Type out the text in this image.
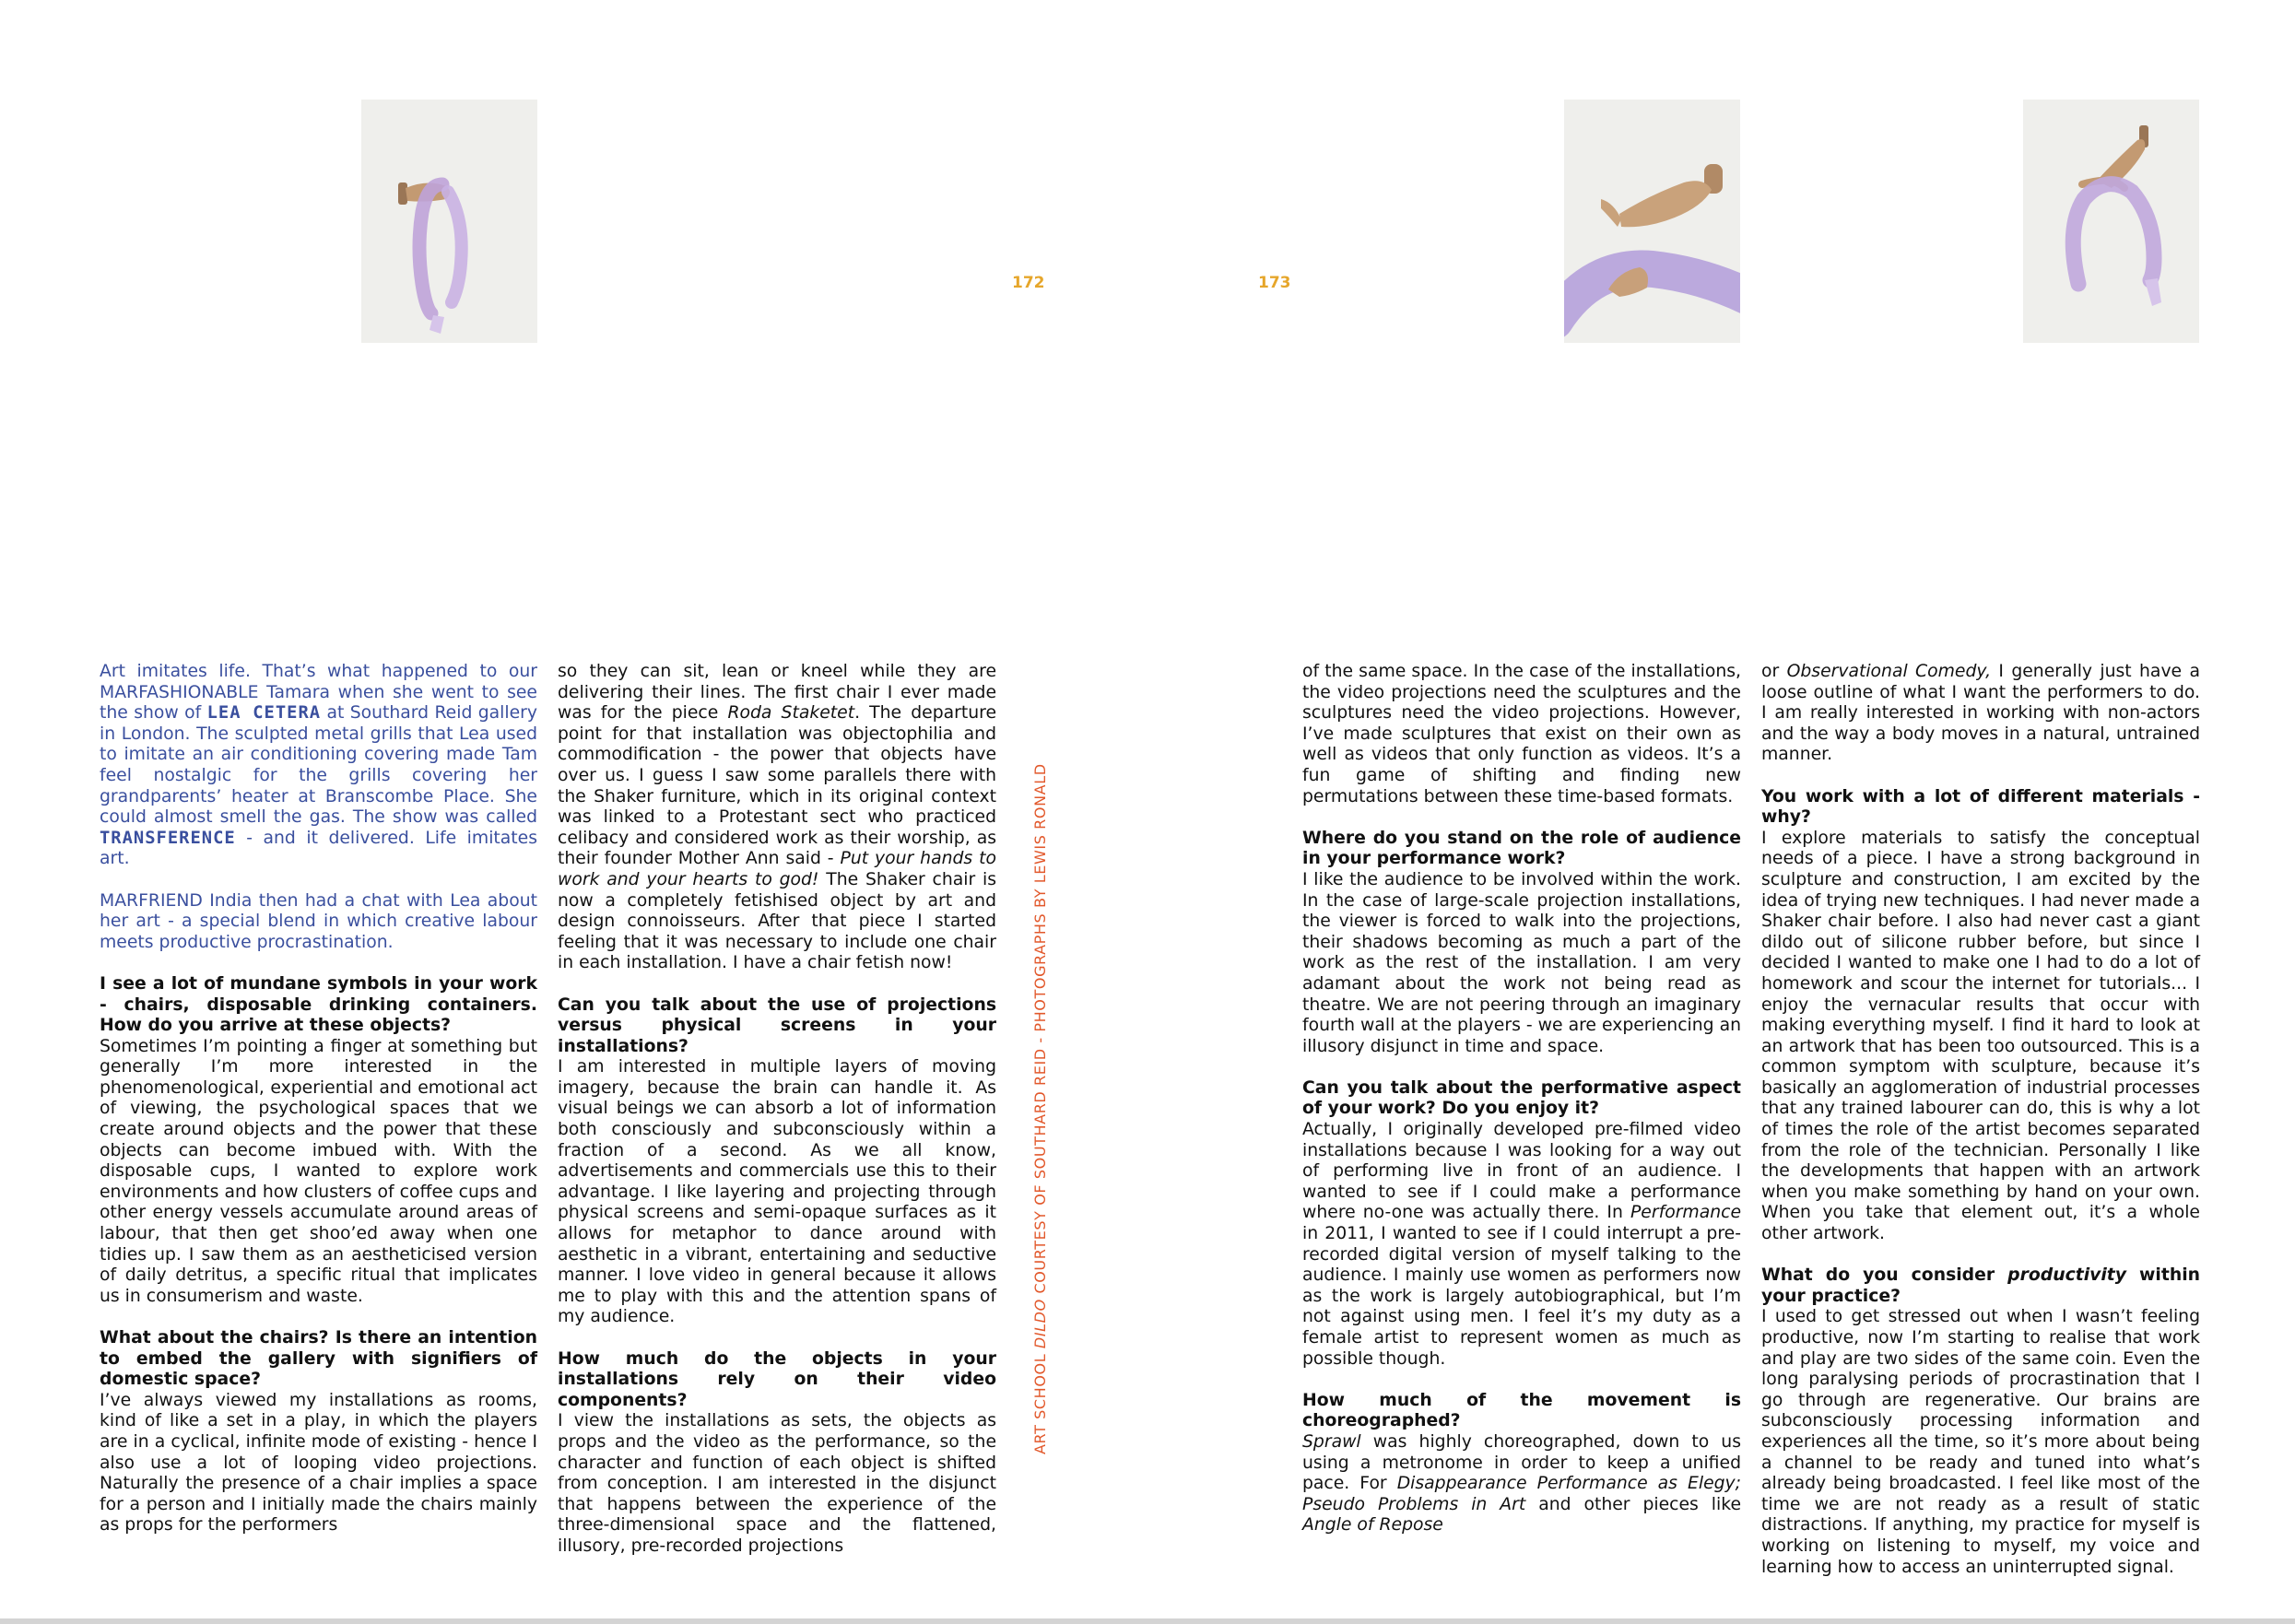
172	173

Art imitates life. That’s what happened to our MARFASHIONABLE Tamara when she went to see the show of LEA CETERA at Southard Reid gallery in London. The sculpted metal grills that Lea used to imitate an air conditioning covering made Tam feel nostalgic for the grills covering her grandparents’ heater at Branscombe Place. She could almost smell the gas. The show was called TRANSFERENCE - and it delivered. Life imitates art.

MARFRIEND India then had a chat with Lea about her art - a special blend in which creative labour meets productive procrastination.

I see a lot of mundane symbols in your work - chairs, disposable drinking containers. How do you arrive at these objects?
Sometimes I’m pointing a finger at something but generally I’m more interested in the phenomenological, experiential and emotional act of viewing, the psychological spaces that we create around objects and the power that these objects can become imbued with. With the disposable cups, I wanted to explore work environments and how clusters of coffee cups and other energy vessels accumulate around areas of labour, that then get shoo’ed away when one tidies up. I saw them as an aestheticised version of daily detritus, a specific ritual that implicates us in consumerism and waste.

What about the chairs? Is there an intention to embed the gallery with signifiers of domestic space?
I’ve always viewed my installations as rooms, kind of like a set in a play, in which the players are in a cyclical, infinite mode of existing - hence I also use a lot of looping video projections. Naturally the presence of a chair implies a space for a person and I initially made the chairs mainly as props for the performers

so they can sit, lean or kneel while they are delivering their lines. The first chair I ever made was for the piece Roda Staketet. The departure point for that installation was objectophilia and commodification - the power that objects have over us. I guess I saw some parallels there with the Shaker furniture, which in its original context was linked to a Protestant sect who practiced celibacy and considered work as their worship, as their founder Mother Ann said - Put your hands to work and your hearts to god! The Shaker chair is now a completely fetishised object by art and design connoisseurs. After that piece I started feeling that it was necessary to include one chair in each installation. I have a chair fetish now!

Can you talk about the use of projections versus physical screens in your installations?
I am interested in multiple layers of moving imagery, because the brain can handle it. As visual beings we can absorb a lot of information both consciously and subconsciously within a fraction of a second. As we all know, advertisements and commercials use this to their advantage. I like layering and projecting through physical screens and semi-opaque surfaces as it allows for metaphor to dance around with aesthetic in a vibrant, entertaining and seductive manner. I love video in general because it allows me to play with this and the attention spans of my audience.

How much do the objects in your installations rely on their video components?
I view the installations as sets, the objects as props and the video as the performance, so the character and function of each object is shifted from conception. I am interested in the disjunct that happens between the experience of the three-dimensional space and the flattened, illusory, pre-recorded projections

ART SCHOOL DILDO COURTESY OF SOUTHARD REID - PHOTOGRAPHS BY LEWIS RONALD

of the same space. In the case of the installations, the video projections need the sculptures and the sculptures need the video projections. However, I’ve made sculptures that exist on their own as well as videos that only function as videos. It’s a fun game of shifting and finding new permutations between these time-based formats.

Where do you stand on the role of audience in your performance work?
I like the audience to be involved within the work. In the case of large-scale projection installations, the viewer is forced to walk into the projections, their shadows becoming as much a part of the work as the rest of the installation. I am very adamant about the work not being read as theatre. We are not peering through an imaginary fourth wall at the players - we are experiencing an illusory disjunct in time and space.

Can you talk about the performative aspect of your work? Do you enjoy it?
Actually, I originally developed pre-filmed video installations because I was looking for a way out of performing live in front of an audience. I wanted to see if I could make a performance where no-one was actually there. In Performance in 2011, I wanted to see if I could interrupt a pre-recorded digital version of myself talking to the audience. I mainly use women as performers now as the work is largely autobiographical, but I’m not against using men. I feel it’s my duty as a female artist to represent women as much as possible though.

How much of the movement is choreographed?
Sprawl was highly choreographed, down to us using a metronome in order to keep a unified pace. For Disappearance Performance as Elegy; Pseudo Problems in Art and other pieces like Angle of Repose

or Observational Comedy, I generally just have a loose outline of what I want the performers to do. I am really interested in working with non-actors and the way a body moves in a natural, untrained manner.

You work with a lot of different materials - why?
I explore materials to satisfy the conceptual needs of a piece. I have a strong background in sculpture and construction, I am excited by the idea of trying new techniques. I had never made a Shaker chair before. I also had never cast a giant dildo out of silicone rubber before, but since I decided I wanted to make one I had to do a lot of homework and scour the internet for tutorials... I enjoy the vernacular results that occur with making everything myself. I find it hard to look at an artwork that has been too outsourced. This is a common symptom with sculpture, because it’s basically an agglomeration of industrial processes that any trained labourer can do, this is why a lot of times the role of the artist becomes separated from the role of the technician. Personally I like the developments that happen with an artwork when you make something by hand on your own. When you take that element out, it’s a whole other artwork.

What do you consider productivity within your practice?
I used to get stressed out when I wasn’t feeling productive, now I’m starting to realise that work and play are two sides of the same coin. Even the long paralysing periods of procrastination that I go through are regenerative. Our brains are subconsciously processing information and experiences all the time, so it’s more about being a channel to be ready and tuned into what’s already being broadcasted. I feel like most of the time we are not ready as a result of static distractions. If anything, my practice for myself is working on listening to myself, my voice and learning how to access an uninterrupted signal.
